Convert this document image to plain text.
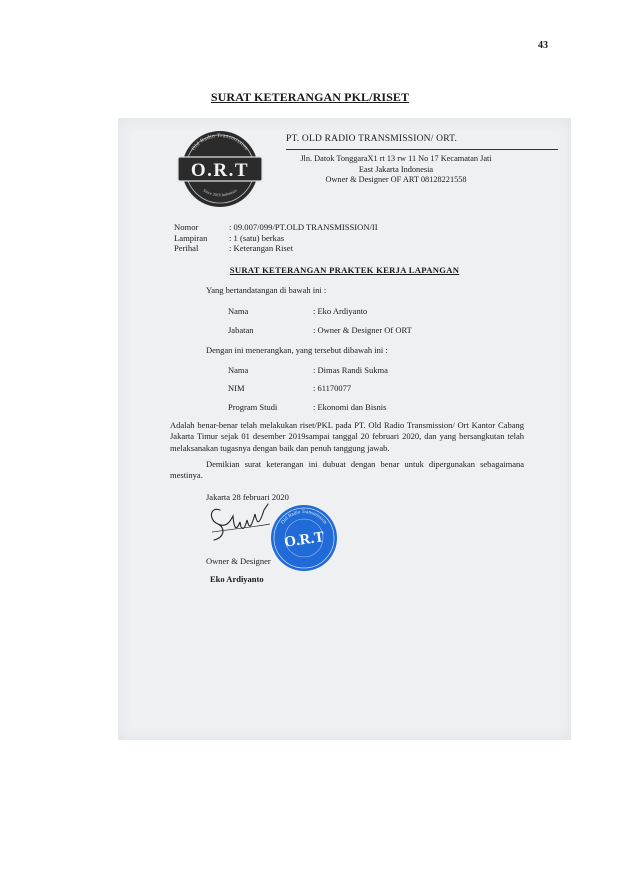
43
SURAT KETERANGAN PKL/RISET
O.R.T
Old Radio Transmission
Since 2016 Indonesia
PT. OLD RADIO TRANSMISSION/ ORT.
Jln. Datok TonggaraX1 rt 13 rw 11 No 17 Kecamatan Jati
East Jakarta Indonesia
Owner & Designer OF ART 08128221558
Nomor	: 09.007/099/PT.OLD TRANSMISSION/II
Lampiran	: 1 (satu) berkas
Perihal	: Keterangan Riset
SURAT KETERANGAN PRAKTEK KERJA LAPANGAN
Yang bertandatangan di bawah ini :
Nama	: Eko Ardiyanto
Jabatan	: Owner & Designer Of ORT
Dengan ini menerangkan, yang tersebut dibawah ini :
Nama	: Dimas Randi Sukma
NIM	: 61170077
Program Studi	: Ekonomi dan Bisnis
Adalah benar-benar telah melakukan riset/PKL pada PT. Old Radio Transmission/ Ort Kantor Cabang Jakarta Timur sejak 01 desember 2019sampai tanggal 20 februari 2020, dan yang bersangkutan telah melaksanakan tugasnya dengan baik dan penuh tanggung jawab.
Demikian surat keterangan ini dubuat dengan benar untuk dipergunakan sebagaimana mestinya.
Jakarta 28 februari 2020
Owner & Designer
Old Radio Transmission
O.R.T
Eko Ardiyanto
